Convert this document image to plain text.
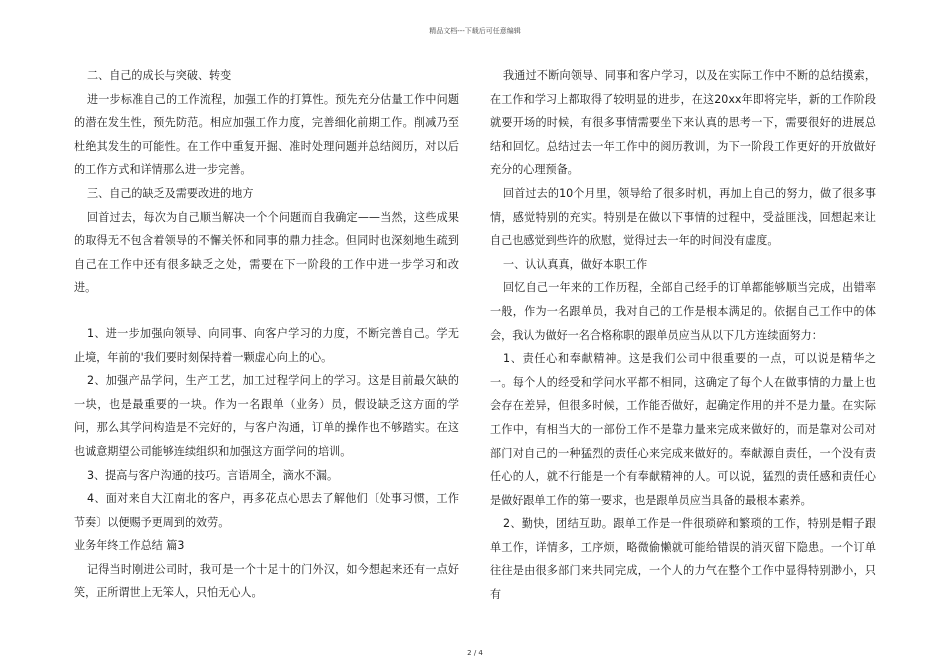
精品文档---下载后可任意编辑

二、自己的成长与突破、转变

进一步标准自己的工作流程，加强工作的打算性。预先充分估量工作中问题的潜在发生性，预先防范。相应加强工作力度，完善细化前期工作。削减乃至杜绝其发生的可能性。在工作中重复开掘、准时处理问题并总结阅历，对以后的工作方式和详情那么进一步完善。

三、自己的缺乏及需要改进的地方

回首过去，每次为自己顺当解决一个个问题而自我确定——当然，这些成果的取得无不包含着领导的不懈关怀和同事的鼎力挂念。但同时也深刻地生疏到自己在工作中还有很多缺乏之处，需要在下一阶段的工作中进一步学习和改进。

1、进一步加强向领导、向同事、向客户学习的力度，不断完善自己。学无止境，年前的'我们要时刻保持着一颗虚心向上的心。

2、加强产品学问，生产工艺，加工过程学问上的学习。这是目前最欠缺的一块，也是最重要的一块。作为一名跟单（业务）员，假设缺乏这方面的学问，那么其学问构造是不完好的，与客户沟通，订单的操作也不够踏实。在这也诚意期望公司能够连续组织和加强这方面学问的培训。

3、提高与客户沟通的技巧。言语周全，滴水不漏。

4、面对来自大江南北的客户，再多花点心思去了解他们〔处事习惯，工作节奏〕以便赐予更周到的效劳。

业务年终工作总结 篇3

记得当时刚进公司时，我可是一个十足十的门外汉，如今想起来还有一点好笑，正所谓世上无笨人，只怕无心人。

我通过不断向领导、同事和客户学习，以及在实际工作中不断的总结摸索，在工作和学习上都取得了较明显的进步，在这20xx年即将完毕，新的工作阶段就要开场的时候，有很多事情需要坐下来认真的思考一下，需要很好的进展总结和回忆。总结过去一年工作中的阅历教训，为下一阶段工作更好的开放做好充分的心理预备。

回首过去的10个月里，领导给了很多时机，再加上自己的努力，做了很多事情，感觉特别的充实。特别是在做以下事情的过程中，受益匪浅，回想起来让自己也感觉到些许的欣慰，觉得过去一年的时间没有虚度。

一、认认真真，做好本职工作

回忆自己一年来的工作历程，全部自己经手的订单都能够顺当完成，出错率一般，作为一名跟单员，我对自己的工作是根本满足的。依据自己工作中的体会，我认为做好一名合格称职的跟单员应当从以下几方连续面努力：

1、责任心和奉献精神。这是我们公司中很重要的一点，可以说是精华之一。每个人的经受和学问水平都不相同，这确定了每个人在做事情的力量上也会存在差异，但很多时候，工作能否做好，起确定作用的并不是力量。在实际工作中，有相当大的一部份工作不是靠力量来完成来做好的，而是靠对公司对部门对自己的一种猛烈的责任心来完成来做好的。奉献源自责任，一个没有责任心的人，就不行能是一个有奉献精神的人。可以说，猛烈的责任感和责任心是做好跟单工作的第一要求，也是跟单员应当具备的最根本素养。

2、勤快，团结互助。跟单工作是一件很琐碎和繁琐的工作，特别是帽子跟单工作，详情多，工序烦，略微偷懒就可能给错误的消灭留下隐患。一个订单往往是由很多部门来共同完成，一个人的力气在整个工作中显得特别渺小，只有

2 / 4
